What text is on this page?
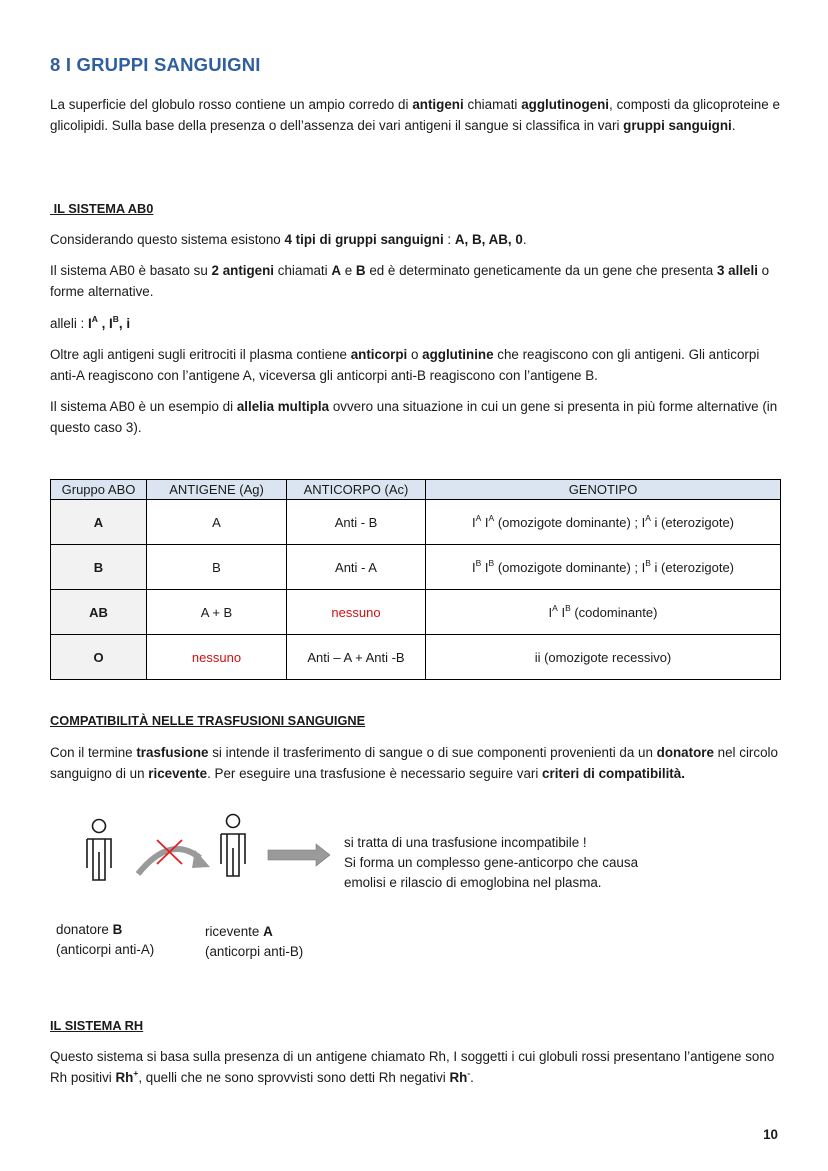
8 I GRUPPI SANGUIGNI
La superficie del globulo rosso contiene un ampio corredo di antigeni chiamati agglutinogeni, composti da glicoproteine e glicolipidi. Sulla base della presenza o dell’assenza dei vari antigeni il sangue si classifica in vari gruppi sanguigni.
IL SISTEMA AB0
Considerando questo sistema esistono 4 tipi di gruppi sanguigni : A, B, AB, 0.
Il sistema AB0 è basato su 2 antigeni chiamati A e B ed è determinato geneticamente da un gene che presenta 3 alleli o forme alternative.
alleli : $I^A$ , $I^B$, i
Oltre agli antigeni sugli eritrociti il plasma contiene anticorpi o agglutinine che reagiscono con gli antigeni. Gli anticorpi anti-A reagiscono con l’antigene A, viceversa gli anticorpi anti-B reagiscono con l’antigene B.
Il sistema AB0 è un esempio di allelia multipla ovvero una situazione in cui un gene si presenta in più forme alternative (in questo caso 3).
Gruppo ABO	ANTIGENE (Ag)	ANTICORPO (Ac)	GENOTIPO
A	A	Anti - B	$I^A$ $I^A$ (omozigote dominante) ; $I^A$ i (eterozigote)
B	B	Anti - A	$I^B$ $I^B$ (omozigote dominante) ; $I^B$ i (eterozigote)
AB	A + B	nessuno	$I^A$ $I^B$ (codominante)
O	nessuno	Anti – A + Anti -B	ii (omozigote recessivo)
COMPATIBILITÀ NELLE TRASFUSIONI SANGUIGNE
Con il termine trasfusione si intende il trasferimento di sangue o di sue componenti provenienti da un donatore nel circolo sanguigno di un ricevente. Per eseguire una trasfusione è necessario seguire vari criteri di compatibilità.
si tratta di una trasfusione incompatibile !
Si forma un complesso gene-anticorpo che causa
emolisi e rilascio di emoglobina nel plasma.
donatore B
(anticorpi anti-A)
ricevente A
(anticorpi anti-B)
IL SISTEMA RH
Questo sistema si basa sulla presenza di un antigene chiamato Rh, I soggetti i cui globuli rossi presentano l’antigene sono Rh positivi Rh+, quelli che ne sono sprovvisti sono detti Rh negativi Rh-.
10
